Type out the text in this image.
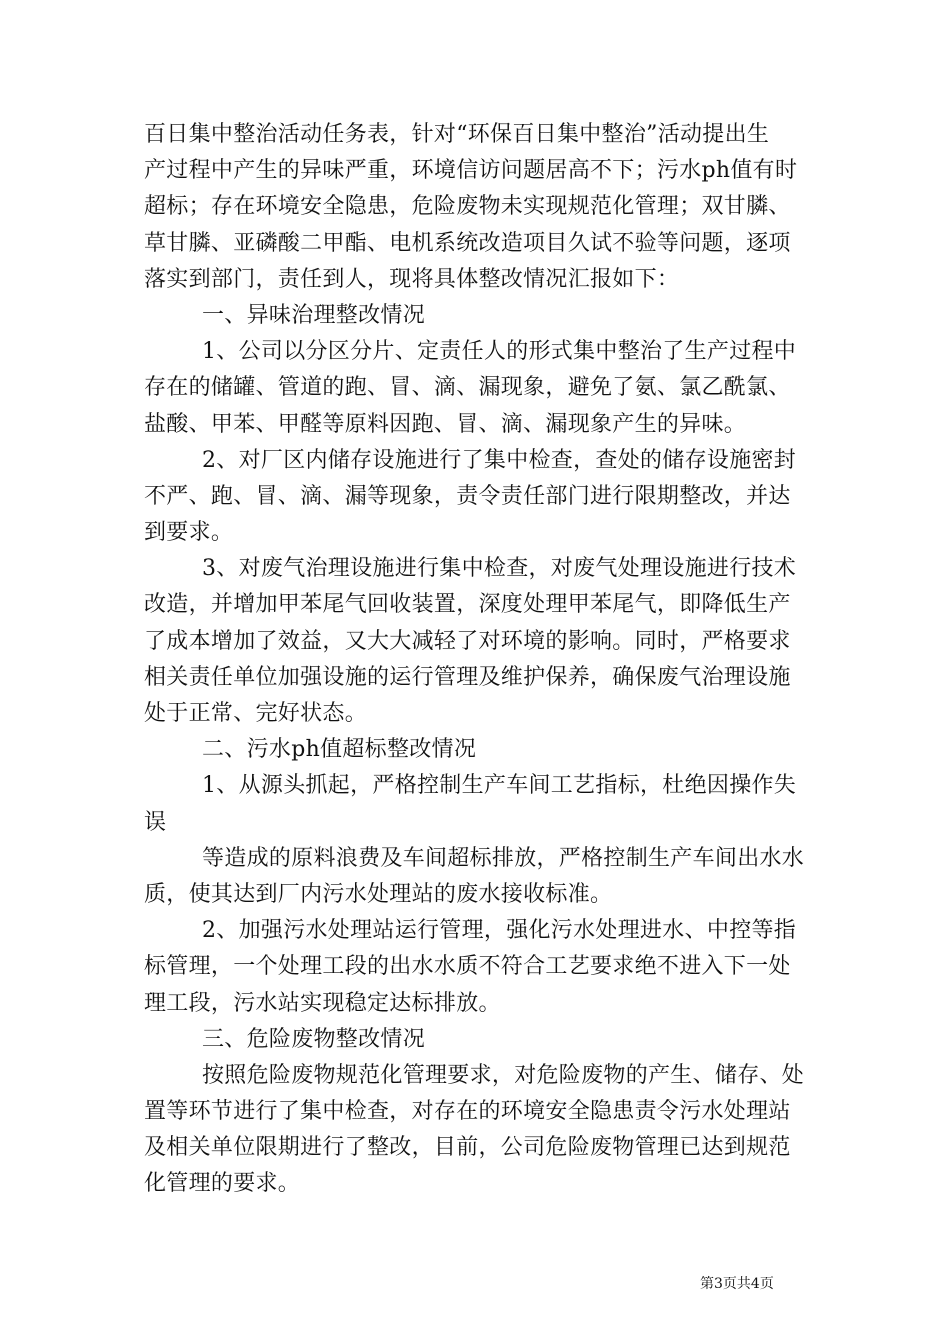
百日集中整治活动任务表，针对“环保百日集中整治”活动提出生
产过程中产生的异味严重，环境信访问题居高不下；污水ph值有时
超标；存在环境安全隐患，危险废物未实现规范化管理；双甘膦、
草甘膦、亚磷酸二甲酯、电机系统改造项目久试不验等问题，逐项
落实到部门，责任到人，现将具体整改情况汇报如下：
一、异味治理整改情况
1、公司以分区分片、定责任人的形式集中整治了生产过程中
存在的储罐、管道的跑、冒、滴、漏现象，避免了氨、氯乙酰氯、
盐酸、甲苯、甲醛等原料因跑、冒、滴、漏现象产生的异味。
2、对厂区内储存设施进行了集中检查，查处的储存设施密封
不严、跑、冒、滴、漏等现象，责令责任部门进行限期整改，并达
到要求。
3、对废气治理设施进行集中检查，对废气处理设施进行技术
改造，并增加甲苯尾气回收装置，深度处理甲苯尾气，即降低生产
了成本增加了效益，又大大减轻了对环境的影响。同时，严格要求
相关责任单位加强设施的运行管理及维护保养，确保废气治理设施
处于正常、完好状态。
二、污水ph值超标整改情况
1、从源头抓起，严格控制生产车间工艺指标，杜绝因操作失
误
等造成的原料浪费及车间超标排放，严格控制生产车间出水水
质，使其达到厂内污水处理站的废水接收标准。
2、加强污水处理站运行管理，强化污水处理进水、中控等指
标管理，一个处理工段的出水水质不符合工艺要求绝不进入下一处
理工段，污水站实现稳定达标排放。
三、危险废物整改情况
按照危险废物规范化管理要求，对危险废物的产生、储存、处
置等环节进行了集中检查，对存在的环境安全隐患责令污水处理站
及相关单位限期进行了整改，目前，公司危险废物管理已达到规范
化管理的要求。
第3页共4页
